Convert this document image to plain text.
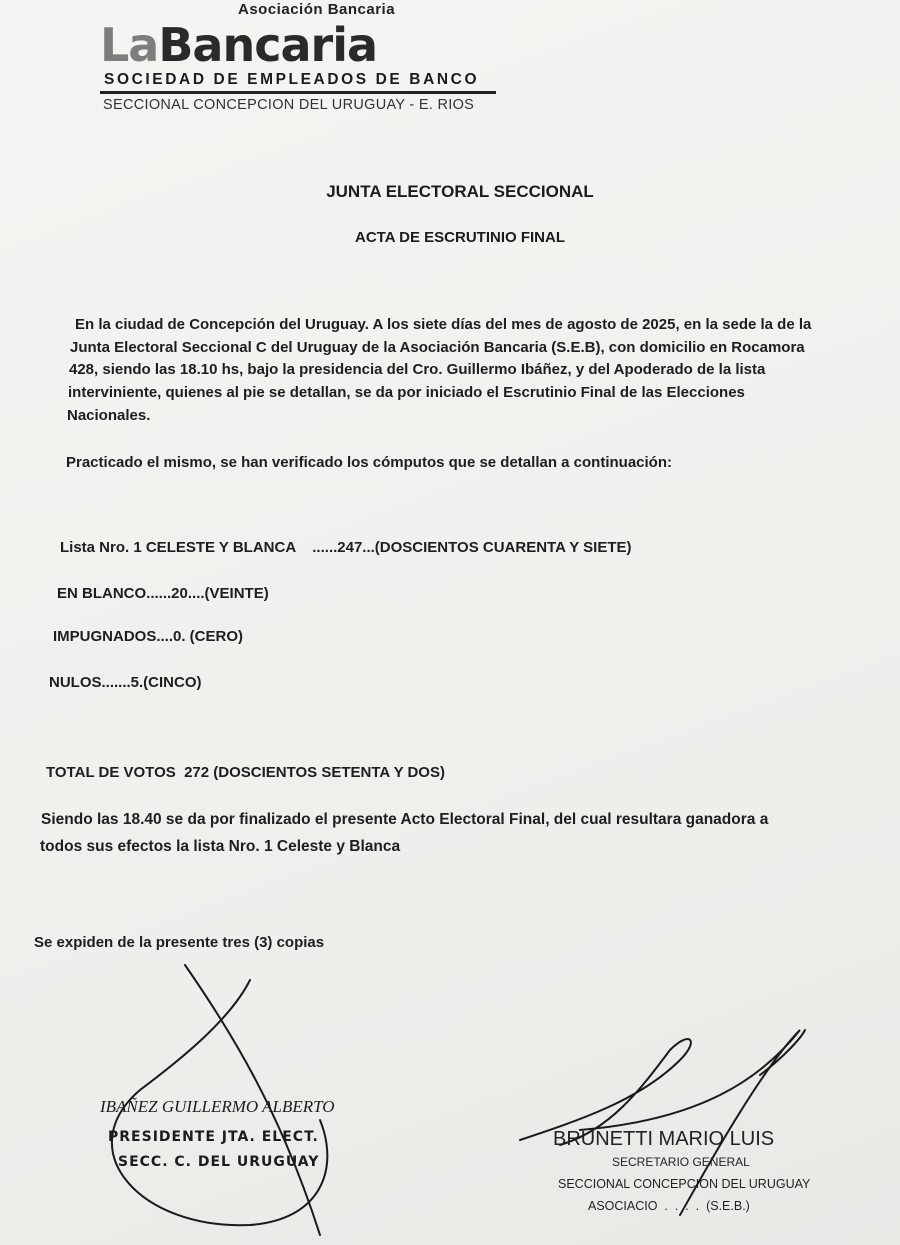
Asociación Bancaria
LaBancaria
SOCIEDAD DE EMPLEADOS DE BANCO
SECCIONAL CONCEPCION DEL URUGUAY - E. RIOS
JUNTA ELECTORAL SECCIONAL
ACTA DE ESCRUTINIO FINAL
En la ciudad de Concepción del Uruguay. A los siete días del mes de agosto de 2025, en la sede la de la
Junta Electoral Seccional C del Uruguay de la Asociación Bancaria (S.E.B), con domicilio en Rocamora
428, siendo las 18.10 hs, bajo la presidencia del Cro. Guillermo Ibáñez, y del Apoderado de la lista
interviniente, quienes al pie se detallan, se da por iniciado el Escrutinio Final de las Elecciones
Nacionales.
Practicado el mismo, se han verificado los cómputos que se detallan a continuación:
Lista Nro. 1 CELESTE Y BLANCA    ......247...(DOSCIENTOS CUARENTA Y SIETE)
EN BLANCO......20....(VEINTE)
IMPUGNADOS....0. (CERO)
NULOS.......5.(CINCO)
TOTAL DE VOTOS  272 (DOSCIENTOS SETENTA Y DOS)
Siendo las 18.40 se da por finalizado el presente Acto Electoral Final, del cual resultara ganadora a
todos sus efectos la lista Nro. 1 Celeste y Blanca
Se expiden de la presente tres (3) copias
IBAÑEZ GUILLERMO ALBERTO
PRESIDENTE JTA. ELECT.
SECC. C. DEL URUGUAY
BRUNETTI MARIO LUIS
SECRETARIO GENERAL
SECCIONAL CONCEPCION DEL URUGUAY
ASOCIACIO  .  .  .  .  (S.E.B.)
